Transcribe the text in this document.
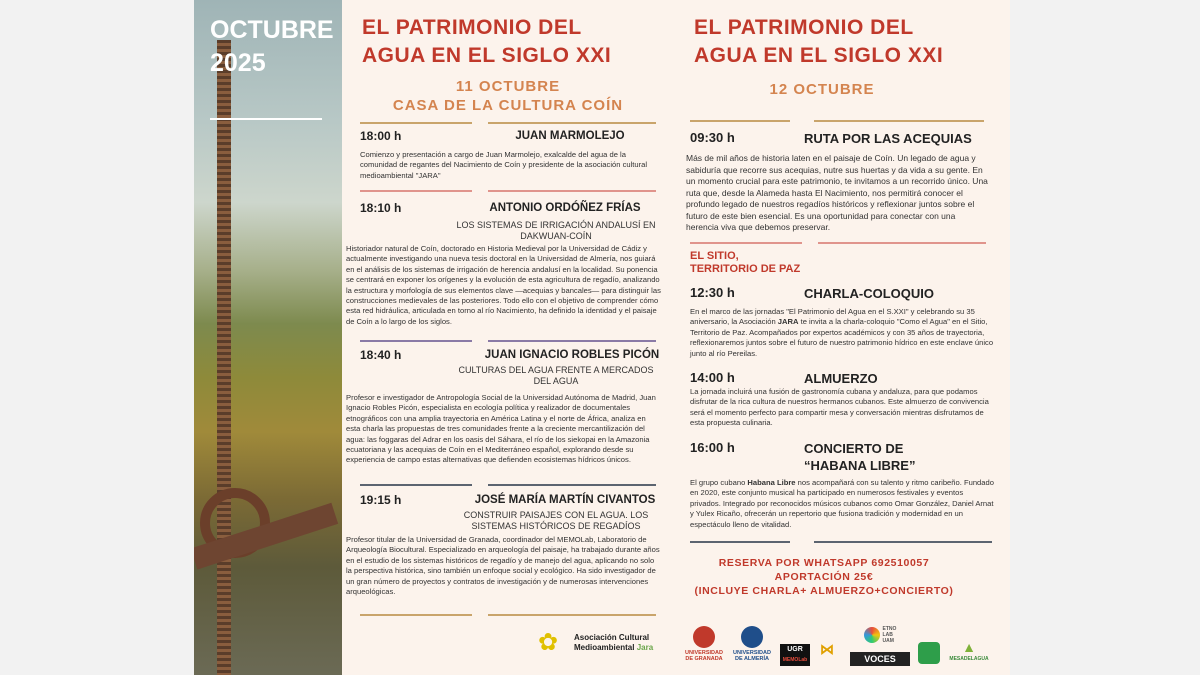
OCTUBRE
2025
EL PATRIMONIO DEL
AGUA EN EL SIGLO XXI
11 OCTUBRE
CASA DE LA CULTURA COÍN
18:00 h	JUAN MARMOLEJO
Comienzo y presentación a cargo de Juan Marmolejo, exalcalde del agua de la comunidad de regantes del Nacimiento de Coín y presidente de la asociación cultural medioambiental "JARA"
18:10 h	ANTONIO ORDÓÑEZ FRÍAS
LOS SISTEMAS DE IRRIGACIÓN ANDALUSÍ EN DAKWUAN-COÍN
Historiador natural de Coín, doctorado en Historia Medieval por la Universidad de Cádiz y actualmente investigando una nueva tesis doctoral en la Universidad de Almería, nos guiará en el análisis de los sistemas de irrigación de herencia andalusí en la localidad. Su ponencia se centrará en exponer los orígenes y la evolución de esta agricultura de regadío, analizando la estructura y morfología de sus elementos clave —acequias y bancales— para distinguir las construcciones medievales de las posteriores. Todo ello con el objetivo de comprender cómo esta red hidráulica, articulada en torno al río Nacimiento, ha definido la identidad y el paisaje de Coín a lo largo de los siglos.
18:40 h	JUAN IGNACIO ROBLES PICÓN
CULTURAS DEL AGUA FRENTE A MERCADOS DEL AGUA
Profesor e investigador de Antropología Social de la Universidad Autónoma de Madrid, Juan Ignacio Robles Picón, especialista en ecología política y realizador de documentales etnográficos con una amplia trayectoria en América Latina y el norte de África, analiza en esta charla las propuestas de tres comunidades frente a la creciente mercantilización del agua: las foggaras del Adrar en los oasis del Sáhara, el río de los siekopai en la Amazonia ecuatoriana y las acequias de Coín en el Mediterráneo español, explorando desde su experiencia de campo estas alternativas que defienden ecosistemas hídricos únicos.
19:15 h	JOSÉ MARÍA MARTÍN CIVANTOS
CONSTRUIR PAISAJES CON EL AGUA. LOS SISTEMAS HISTÓRICOS DE REGADÍOS
Profesor titular de la Universidad de Granada, coordinador del MEMOLab, Laboratorio de Arqueología Biocultural. Especializado en arqueología del paisaje, ha trabajado durante años en el estudio de los sistemas históricos de regadío y de manejo del agua, aplicando no solo la perspectiva histórica, sino también un enfoque social y ecológico. Ha sido investigador de un gran número de proyectos y contratos de investigación y de numerosas intervenciones arqueológicas.
✿	Asociación Cultural
Medioambiental Jara
EL PATRIMONIO DEL
AGUA EN EL SIGLO XXI
12 OCTUBRE
09:30 h	RUTA POR LAS ACEQUIAS
Más de mil años de historia laten en el paisaje de Coín. Un legado de agua y sabiduría que recorre sus acequias, nutre sus huertas y da vida a su gente. En un momento crucial para este patrimonio, te invitamos a un recorrido único. Una ruta que, desde la Alameda hasta El Nacimiento, nos permitirá conocer el profundo legado de nuestros regadíos históricos y reflexionar juntos sobre el futuro de este bien esencial. Es una oportunidad para conectar con una herencia viva que debemos preservar.
EL SITIO,
TERRITORIO DE PAZ
12:30 h	CHARLA-COLOQUIO
En el marco de las jornadas "El Patrimonio del Agua en el S.XXI" y celebrando su 35 aniversario, la Asociación JARA te invita a la charla-coloquio "Como el Agua" en el Sitio, Territorio de Paz. Acompañados por expertos académicos y con 35 años de trayectoria, reflexionaremos juntos sobre el futuro de nuestro patrimonio hídrico en este enclave único junto al río Pereilas.
14:00 h	ALMUERZO
La jornada incluirá una fusión de gastronomía cubana y andaluza, para que podamos disfrutar de la rica cultura de nuestros hermanos cubanos. Este almuerzo de convivencia será el momento perfecto para compartir mesa y conversación mientras disfrutamos de esta propuesta culinaria.
16:00 h	CONCIERTO DE
“HABANA LIBRE”
El grupo cubano Habana Libre nos acompañará con su talento y ritmo caribeño. Fundado en 2020, este conjunto musical ha participado en numerosos festivales y eventos privados. Integrado por reconocidos músicos cubanos como Omar González, Daniel Arnat y Yulex Ricaño, ofrecerán un repertorio que fusiona tradición y modernidad en un espectáculo lleno de vitalidad.
RESERVA POR WHATSAPP 692510057
APORTACIÓN 25€
(INCLUYE CHARLA+ ALMUERZO+CONCIERTO)
UNIVERSIDAD
DE GRANADA
UNIVERSIDAD
DE ALMERÍA
UGR
MEMOLab
⋈
ETNO
LAB
UAM
VOCES
▲
MESADELAGUA
